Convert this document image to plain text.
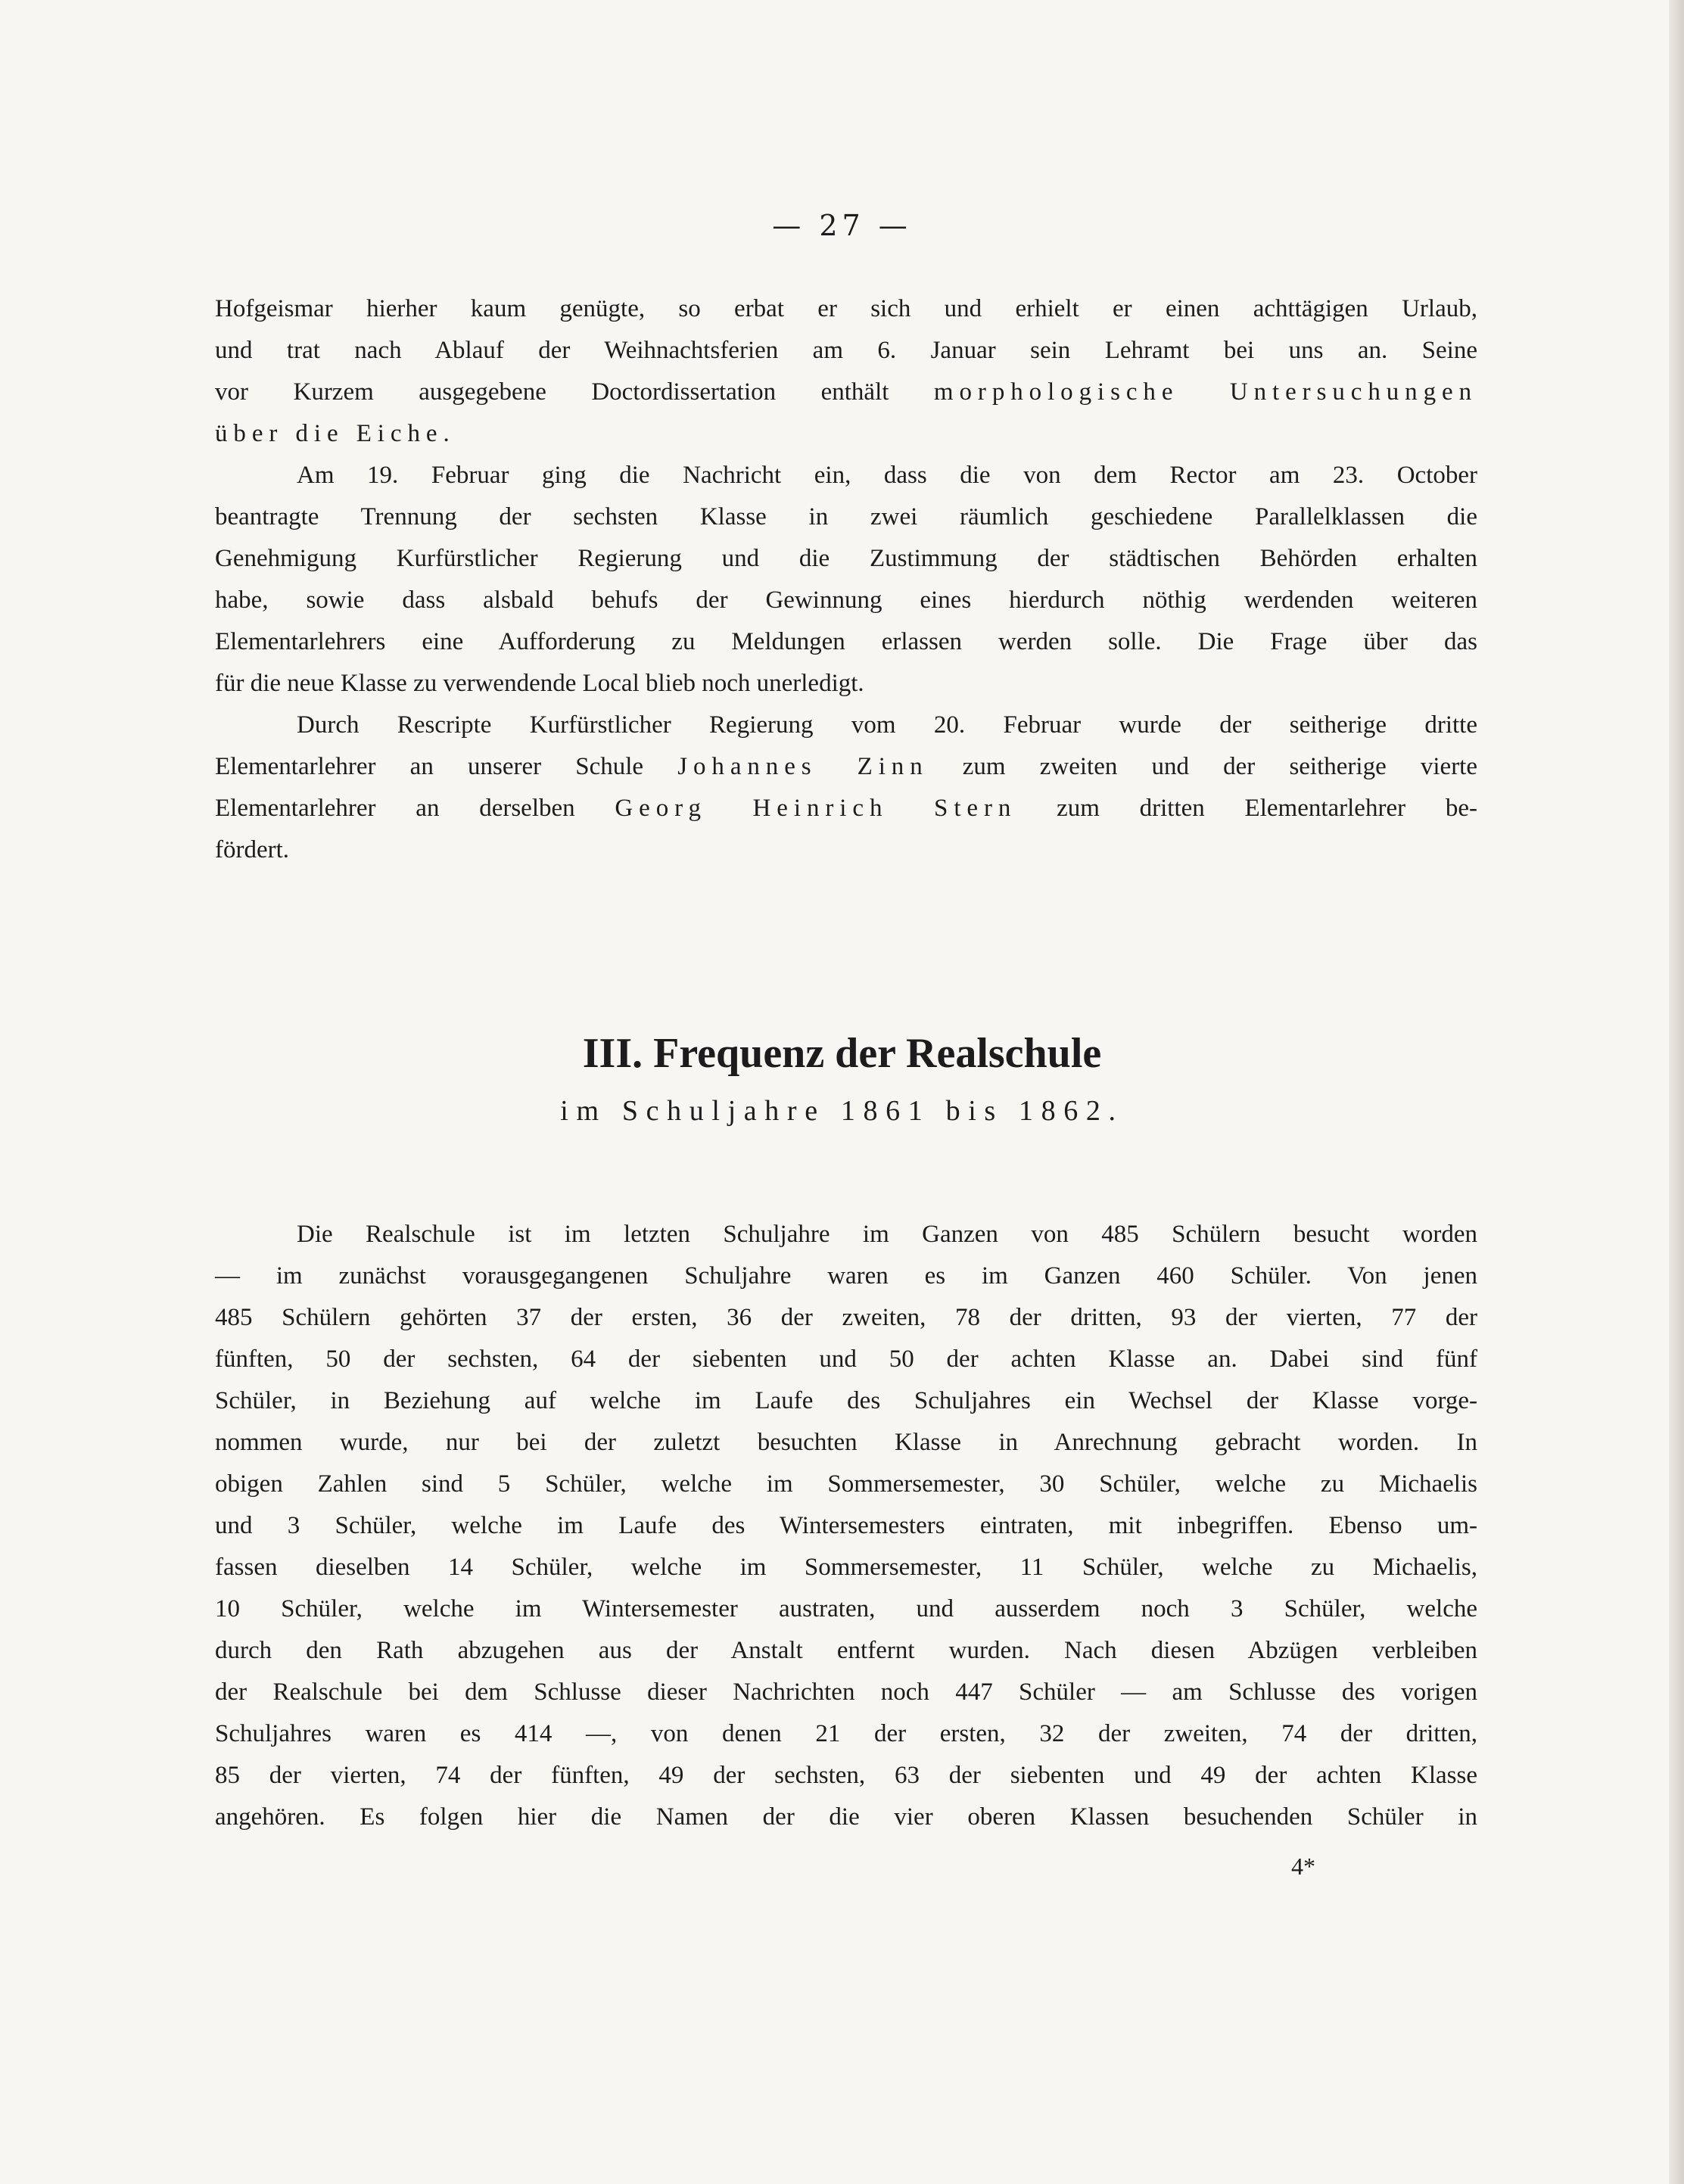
— 27 —
Hofgeismar hierher kaum genügte, so erbat er sich und erhielt er einen achttägigen Urlaub,
und trat nach Ablauf der Weihnachtsferien am 6. Januar sein Lehramt bei uns an. Seine
vor Kurzem ausgegebene Doctordissertation enthält morphologische Untersuchungen
über die Eiche.
Am 19. Februar ging die Nachricht ein, dass die von dem Rector am 23. October
beantragte Trennung der sechsten Klasse in zwei räumlich geschiedene Parallelklassen die
Genehmigung Kurfürstlicher Regierung und die Zustimmung der städtischen Behörden erhalten
habe, sowie dass alsbald behufs der Gewinnung eines hierdurch nöthig werdenden weiteren
Elementarlehrers eine Aufforderung zu Meldungen erlassen werden solle. Die Frage über das
für die neue Klasse zu verwendende Local blieb noch unerledigt.
Durch Rescripte Kurfürstlicher Regierung vom 20. Februar wurde der seitherige dritte
Elementarlehrer an unserer Schule Johannes Zinn zum zweiten und der seitherige vierte
Elementarlehrer an derselben Georg Heinrich Stern zum dritten Elementarlehrer be-
fördert.
III. Frequenz der Realschule
im Schuljahre 1861 bis 1862.
Die Realschule ist im letzten Schuljahre im Ganzen von 485 Schülern besucht worden
— im zunächst vorausgegangenen Schuljahre waren es im Ganzen 460 Schüler. Von jenen
485 Schülern gehörten 37 der ersten, 36 der zweiten, 78 der dritten, 93 der vierten, 77 der
fünften, 50 der sechsten, 64 der siebenten und 50 der achten Klasse an. Dabei sind fünf
Schüler, in Beziehung auf welche im Laufe des Schuljahres ein Wechsel der Klasse vorge-
nommen wurde, nur bei der zuletzt besuchten Klasse in Anrechnung gebracht worden. In
obigen Zahlen sind 5 Schüler, welche im Sommersemester, 30 Schüler, welche zu Michaelis
und 3 Schüler, welche im Laufe des Wintersemesters eintraten, mit inbegriffen. Ebenso um-
fassen dieselben 14 Schüler, welche im Sommersemester, 11 Schüler, welche zu Michaelis,
10 Schüler, welche im Wintersemester austraten, und ausserdem noch 3 Schüler, welche
durch den Rath abzugehen aus der Anstalt entfernt wurden. Nach diesen Abzügen verbleiben
der Realschule bei dem Schlusse dieser Nachrichten noch 447 Schüler — am Schlusse des vorigen
Schuljahres waren es 414 —, von denen 21 der ersten, 32 der zweiten, 74 der dritten,
85 der vierten, 74 der fünften, 49 der sechsten, 63 der siebenten und 49 der achten Klasse
angehören. Es folgen hier die Namen der die vier oberen Klassen besuchenden Schüler in
4*
